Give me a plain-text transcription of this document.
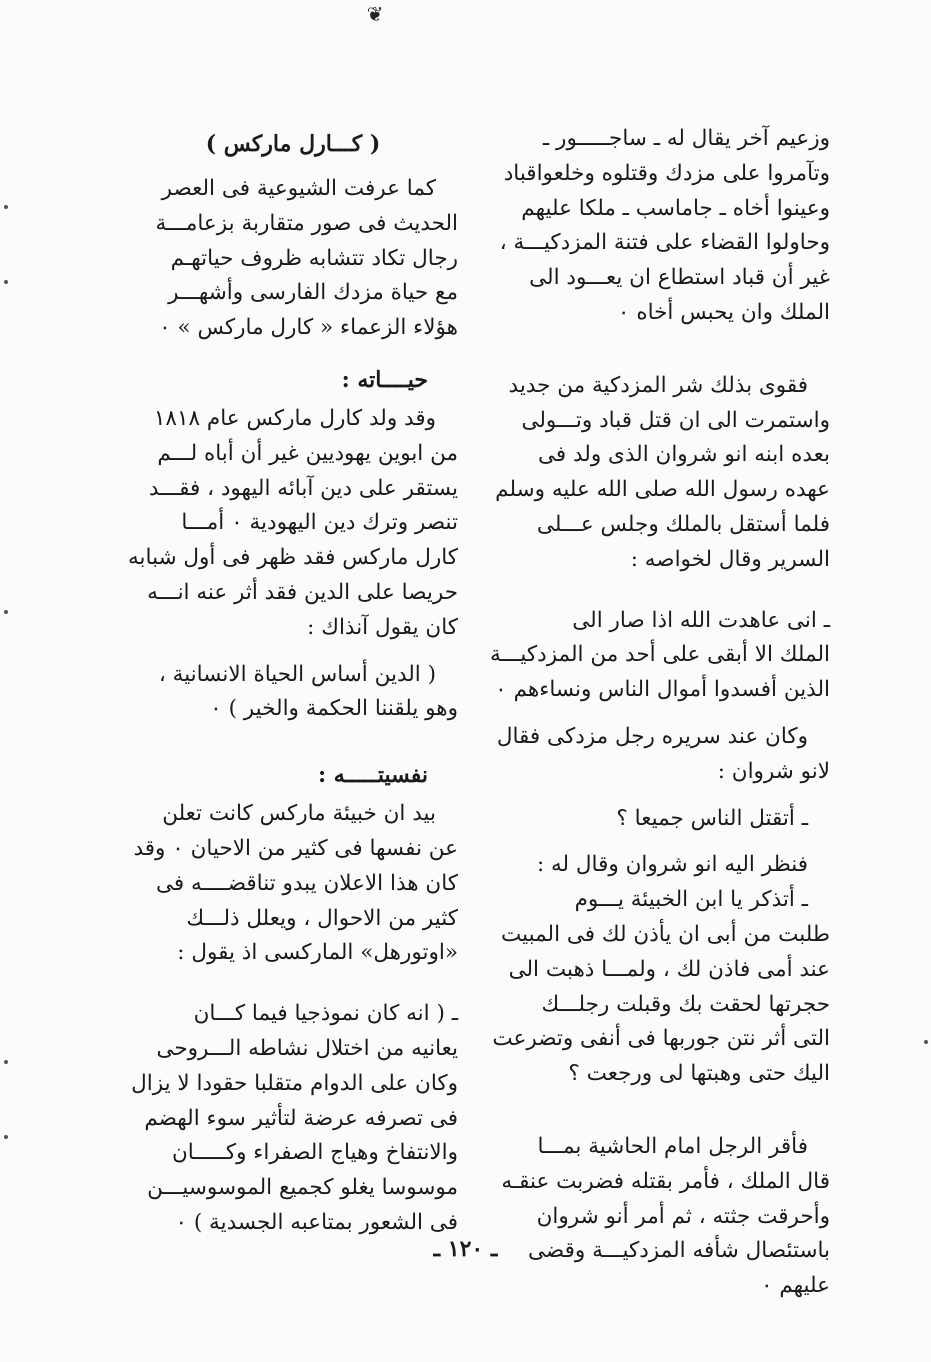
❦
وزعيم آخر يقال له ـ ساجـــــور ـ
وتآمروا على مزدك وقتلوه وخلعواقباد
وعينوا أخاه ـ جاماسب ـ ملكا عليهم
وحاولوا القضاء على فتنة المزدكيـــة ،
غير أن قباد استطاع ان يعـــود الى
الملك وان يحبس أخاه ٠
فقوى بذلك شر المزدكية من جديد
واستمرت الى ان قتل قباد وتـــولى
بعده ابنه انو شروان الذى ولد فى
عهده رسول الله صلى الله عليه وسلم
فلما أستقل بالملك وجلس عـــلى
السرير وقال لخواصه :
ـ انى عاهدت الله اذا صار الى
الملك الا أبقى على أحد من المزدكيـــة
الذين أفسدوا أموال الناس ونساءهم ٠
وكان عند سريره رجل مزدكى فقال
لانو شروان :
ـ أتقتل الناس جميعا ؟
فنظر اليه انو شروان وقال له :
ـ أتذكر يا ابن الخبيئة يـــوم
طلبت من أبى ان يأذن لك فى المبيت
عند أمى فاذن لك ، ولمـــا ذهبت الى
حجرتها لحقت بك وقبلت رجلـــك
التى أثر نتن جوربها فى أنفى وتضرعت
اليك حتى وهبتها لى ورجعت ؟
فأقر الرجل امام الحاشية بمـــا
قال الملك ، فأمر بقتله فضربت عنقـه
وأحرقت جثته ، ثم أمر أنو شروان
باستئصال شأفه المزدكيـــة وقضى
عليهم ٠
( كـــارل ماركس )
كما عرفت الشيوعية فى العصر
الحديث فى صور متقاربة بزعامـــة
رجال تكاد تتشابه ظروف حياتهـم
مع حياة مزدك الفارسى وأشهـــر
هؤلاء الزعماء « كارل ماركس » ٠
حيــــاته :
وقد ولد كارل ماركس عام ١٨١٨
من ابوين يهوديين غير أن أباه لـــم
يستقر على دين آبائه اليهود ، فقـــد
تنصر وترك دين اليهودية ٠ أمـــا
كارل ماركس فقد ظهر فى أول شبابه
حريصا على الدين فقد أثر عنه انـــه
كان يقول آنذاك :
( الدين أساس الحياة الانسانية ،
وهو يلقننا الحكمة والخير ) ٠
نفسيتـــــه :
بيد ان خبيئة ماركس كانت تعلن
عن نفسها فى كثير من الاحيان ٠ وقد
كان هذا الاعلان يبدو تناقضــــه فى
كثير من الاحوال ، ويعلل ذلـــك
«اوتورهل» الماركسى اذ يقول :
ـ ( انه كان نموذجيا فيما كـــان
يعانيه من اختلال نشاطه الـــروحى
وكان على الدوام متقلبا حقودا لا يزال
فى تصرفه عرضة لتأثير سوء الهضم
والانتفاخ وهياج الصفراء وكـــــان
موسوسا يغلو كجميع الموسوسيـــن
فى الشعور بمتاعبه الجسدية ) ٠
ـ ١٢٠ ـ
